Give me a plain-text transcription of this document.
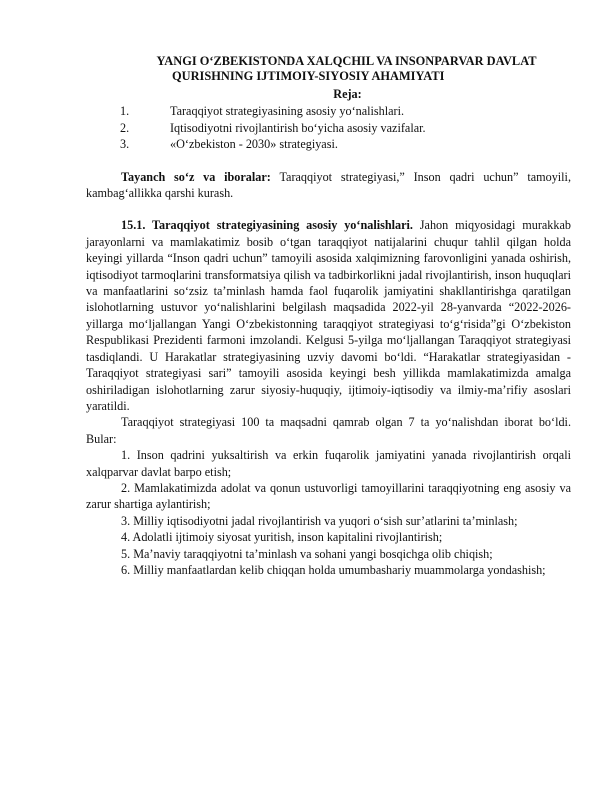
YANGI O‘ZBEKISTONDA XALQCHIL VA INSONPARVAR DAVLAT
QURISHNING IJTIMOIY-SIYOSIY AHAMIYATI
Reja:
1.	Taraqqiyot strategiyasining asosiy yo‘nalishlari.
2.	Iqtisodiyotni rivojlantirish bo‘yicha asosiy vazifalar.
3.	«O‘zbekiston - 2030» strategiyasi.

Tayanch so‘z va iboralar: Taraqqiyot strategiyasi,” Inson qadri uchun” tamoyili, kambag‘allikka qarshi kurash.

15.1. Taraqqiyot strategiyasining asosiy yo‘nalishlari. Jahon miqyosidagi murakkab jarayonlarni va mamlakatimiz bosib o‘tgan taraqqiyot natijalarini chuqur tahlil qilgan holda keyingi yillarda “Inson qadri uchun” tamoyili asosida xalqimizning farovonligini yanada oshirish, iqtisodiyot tarmoqlarini transformatsiya qilish va tadbirkorlikni jadal rivojlantirish, inson huquqlari va manfaatlarini so‘zsiz ta’minlash hamda faol fuqarolik jamiyatini shakllantirishga qaratilgan islohotlarning ustuvor yo‘nalishlarini belgilash maqsadida 2022-yil 28-yanvarda “2022-2026-yillarga mo‘ljallangan Yangi O‘zbekistonning taraqqiyot strategiyasi to‘g‘risida”gi O‘zbekiston Respublikasi Prezidenti farmoni imzolandi. Kelgusi 5-yilga mo‘ljallangan Taraqqiyot strategiyasi tasdiqlandi. U Harakatlar strategiyasining uzviy davomi bo‘ldi. “Harakatlar strategiyasidan - Taraqqiyot strategiyasi sari” tamoyili asosida keyingi besh yillikda mamlakatimizda amalga oshiriladigan islohotlarning zarur siyosiy-huquqiy, ijtimoiy-iqtisodiy va ilmiy-ma’rifiy asoslari yaratildi.

Taraqqiyot strategiyasi 100 ta maqsadni qamrab olgan 7 ta yo‘nalishdan iborat bo‘ldi. Bular:

1. Inson qadrini yuksaltirish va erkin fuqarolik jamiyatini yanada rivojlantirish orqali xalqparvar davlat barpo etish;

2. Mamlakatimizda adolat va qonun ustuvorligi tamoyillarini taraqqiyotning eng asosiy va zarur shartiga aylantirish;

3. Milliy iqtisodiyotni jadal rivojlantirish va yuqori o‘sish sur’atlarini ta’minlash;

4. Adolatli ijtimoiy siyosat yuritish, inson kapitalini rivojlantirish;

5. Ma’naviy taraqqiyotni ta’minlash va sohani yangi bosqichga olib chiqish;

6. Milliy manfaatlardan kelib chiqqan holda umumbashariy muammolarga yondashish;
